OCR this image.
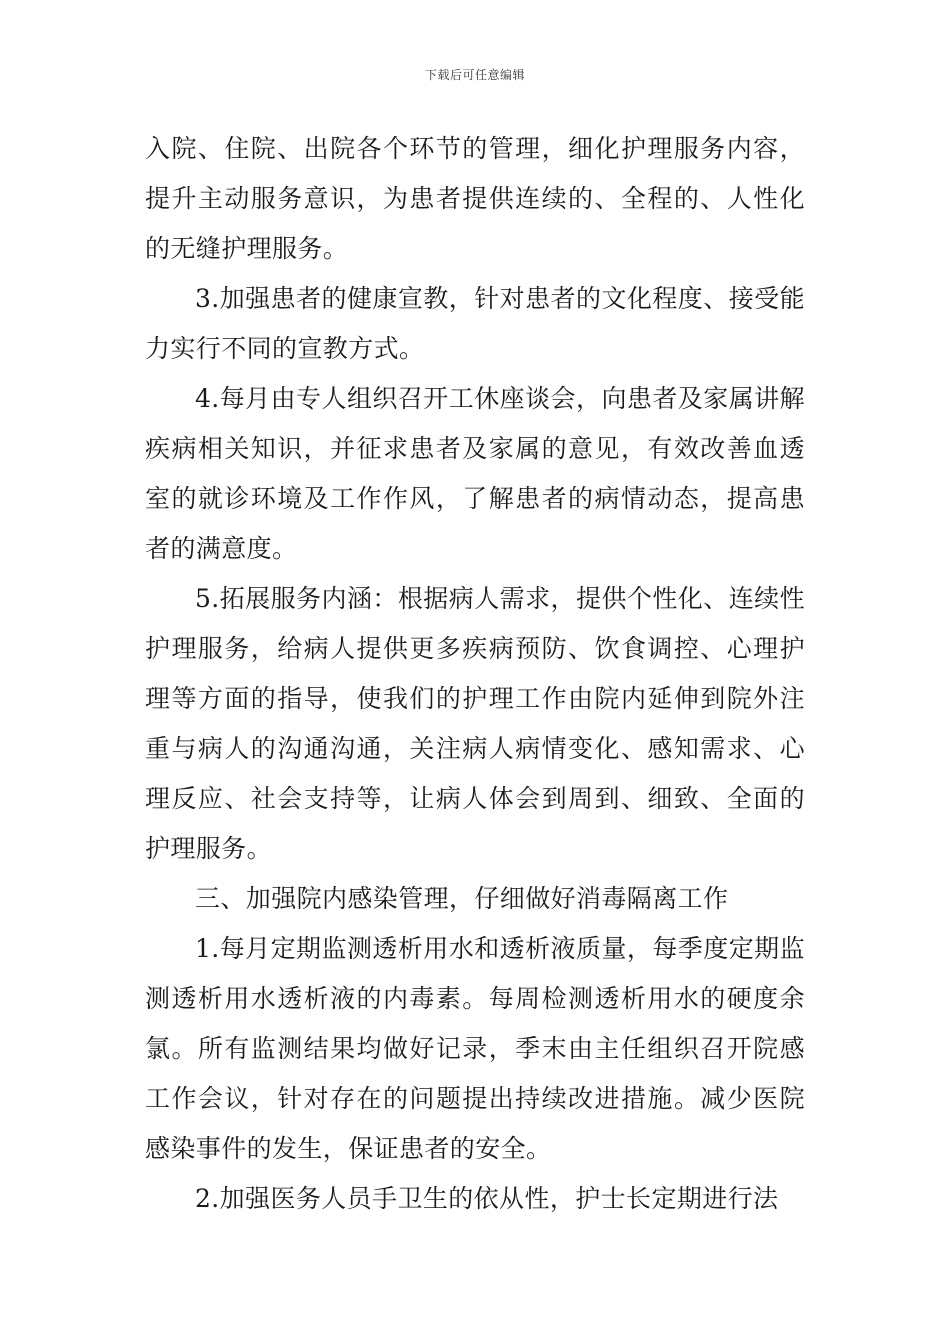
下载后可任意编辑

入院、住院、出院各个环节的管理，细化护理服务内容，提升主动服务意识，为患者提供连续的、全程的、人性化的无缝护理服务。

3.加强患者的健康宣教，针对患者的文化程度、接受能力实行不同的宣教方式。

4.每月由专人组织召开工休座谈会，向患者及家属讲解疾病相关知识，并征求患者及家属的意见，有效改善血透室的就诊环境及工作作风，了解患者的病情动态，提高患者的满意度。

5.拓展服务内涵：根据病人需求，提供个性化、连续性护理服务，给病人提供更多疾病预防、饮食调控、心理护理等方面的指导，使我们的护理工作由院内延伸到院外注重与病人的沟通沟通，关注病人病情变化、感知需求、心理反应、社会支持等，让病人体会到周到、细致、全面的护理服务。

三、加强院内感染管理，仔细做好消毒隔离工作

1.每月定期监测透析用水和透析液质量，每季度定期监测透析用水透析液的内毒素。每周检测透析用水的硬度余氯。所有监测结果均做好记录，季末由主任组织召开院感工作会议，针对存在的问题提出持续改进措施。减少医院感染事件的发生，保证患者的安全。

2.加强医务人员手卫生的依从性，护士长定期进行法
